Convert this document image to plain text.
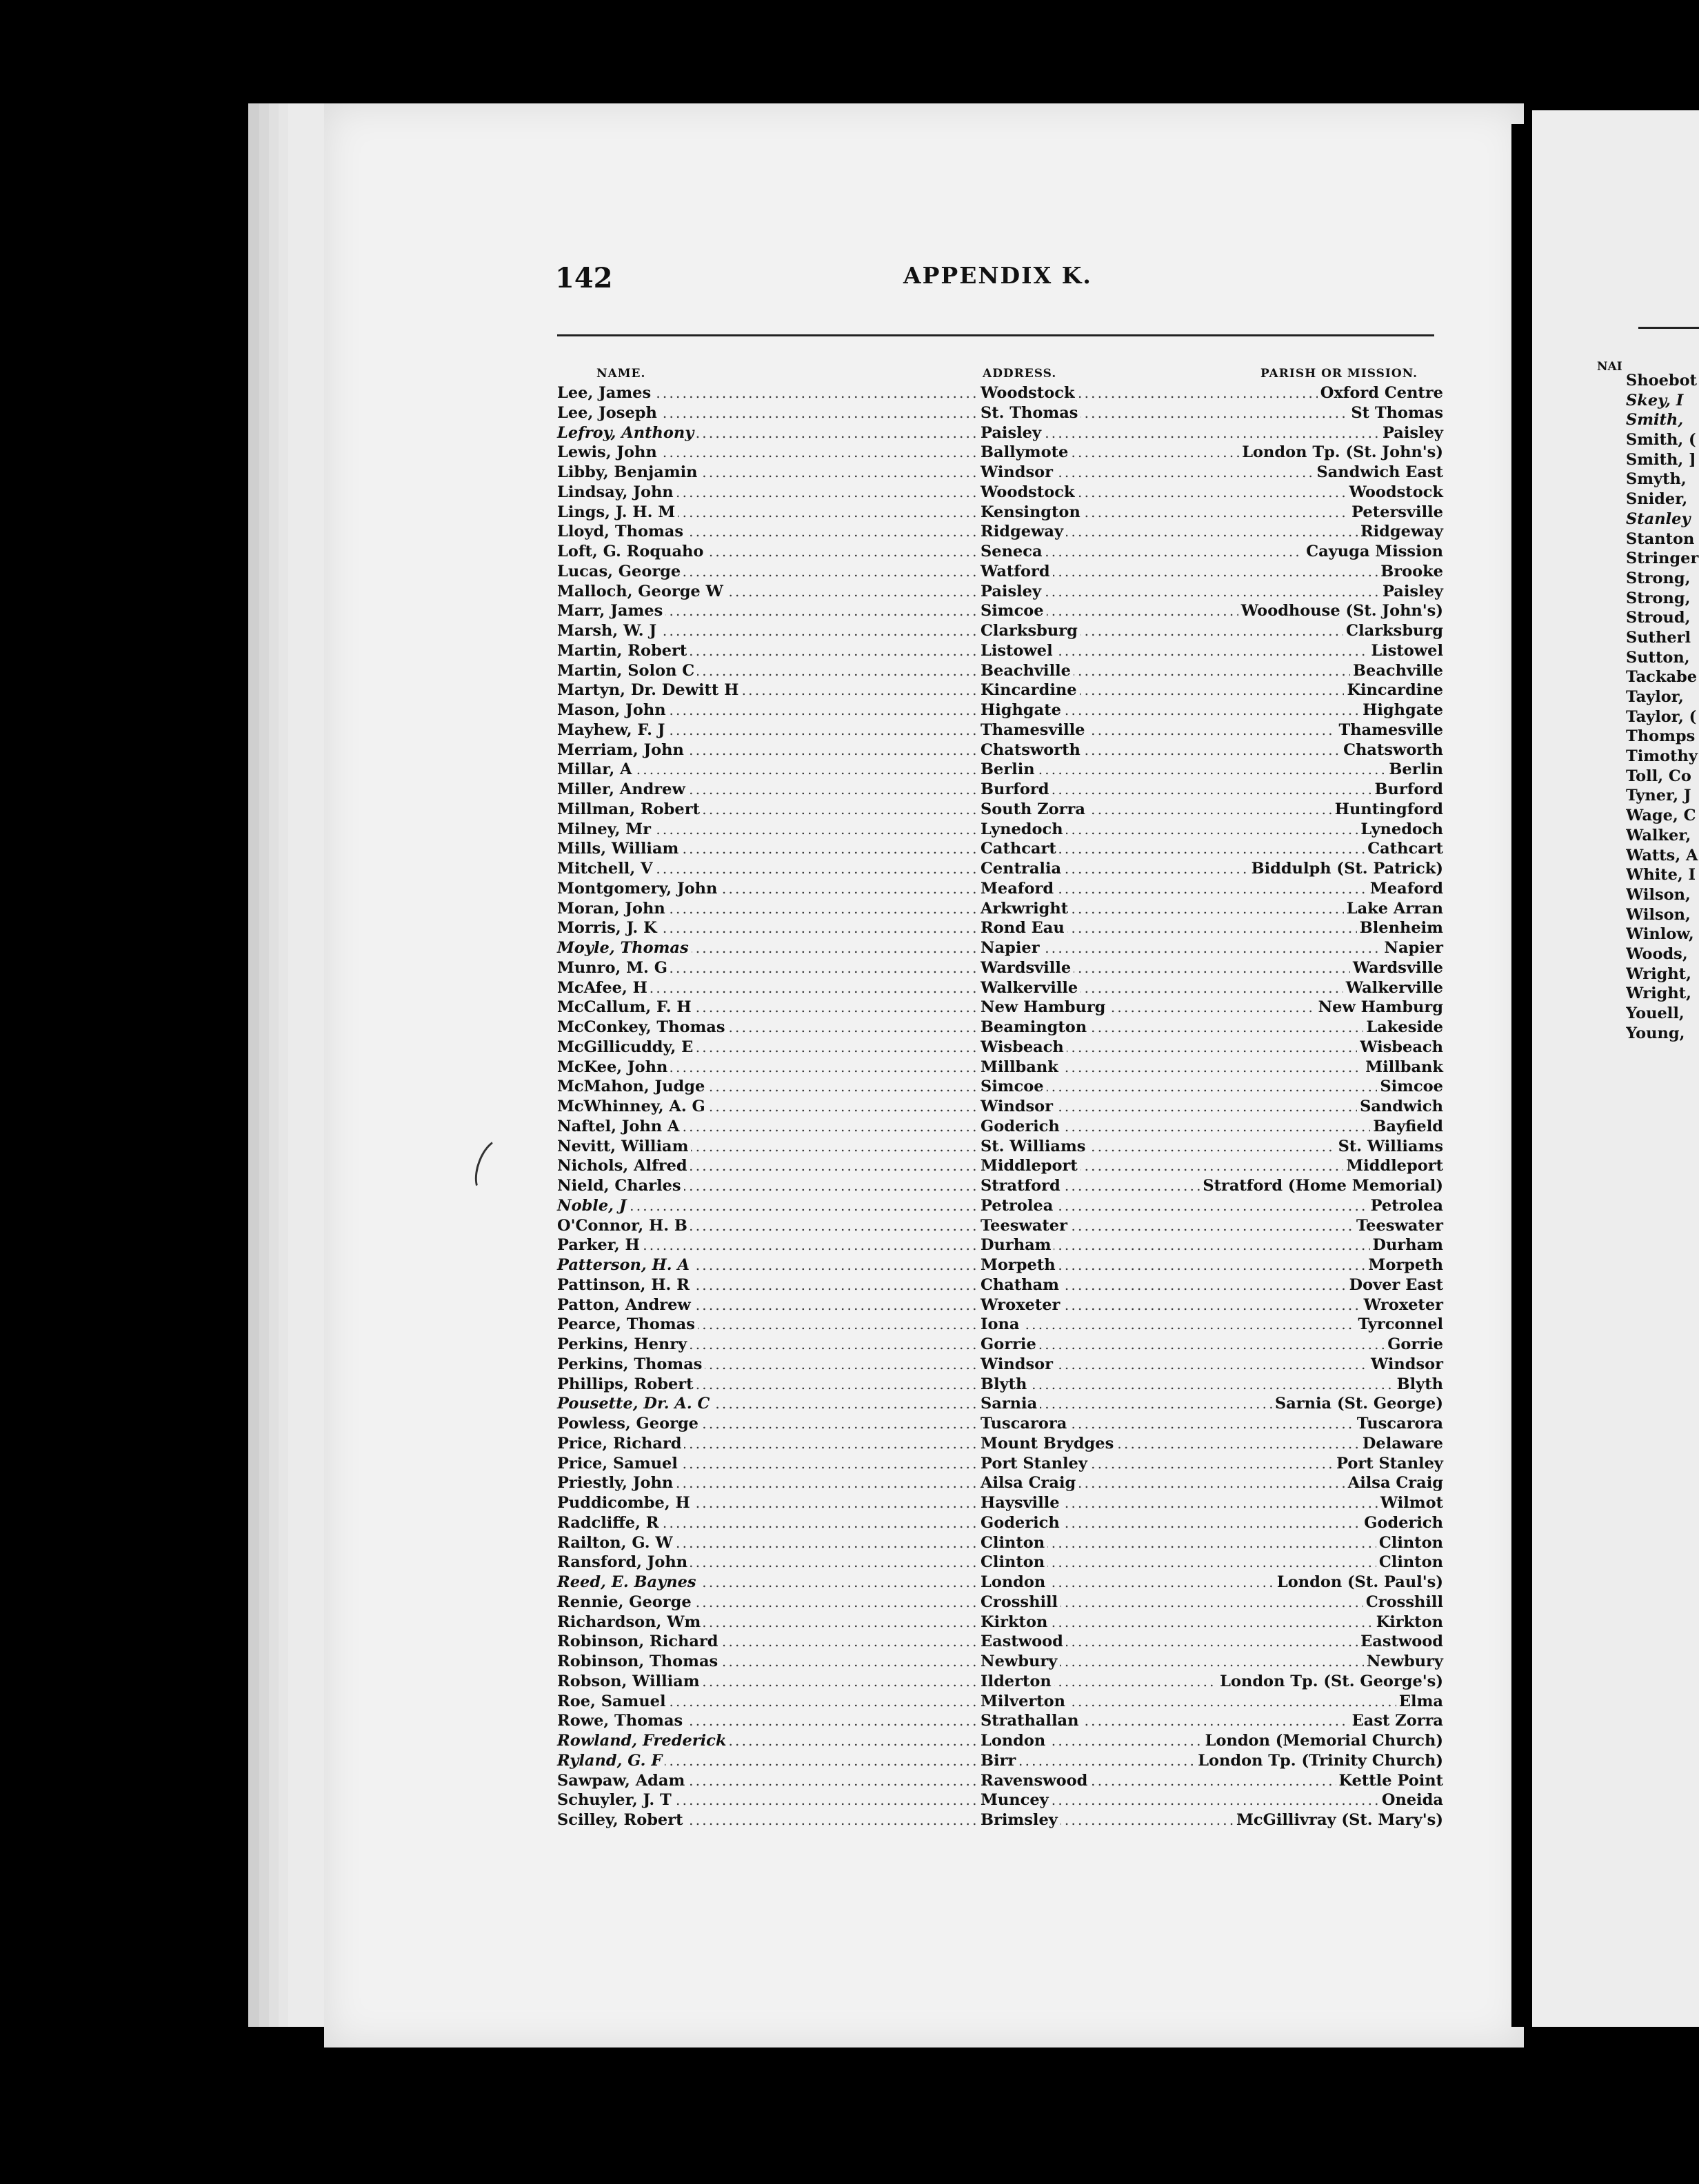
142	APPENDIX K.
NAME.	ADDRESS.	PARISH OR MISSION.
Lee, James	Woodstock	Oxford Centre
Lee, Joseph	St. Thomas	St Thomas
Lefroy, Anthony	Paisley	Paisley
Lewis, John	Ballymote	London Tp. (St. John's)
Libby, Benjamin	Windsor	Sandwich East
Lindsay, John	Woodstock	Woodstock
Lings, J. H. M	Kensington	Petersville
Lloyd, Thomas	Ridgeway	Ridgeway
Loft, G. Roquaho	Seneca	Cayuga Mission
Lucas, George	Watford	Brooke
Malloch, George W	Paisley	Paisley
Marr, James	Simcoe	Woodhouse (St. John's)
Marsh, W. J	Clarksburg	Clarksburg
Martin, Robert	Listowel	Listowel
Martin, Solon C	Beachville	Beachville
Martyn, Dr. Dewitt H	Kincardine	Kincardine
Mason, John	Highgate	Highgate
Mayhew, F. J	Thamesville	Thamesville
Merriam, John	Chatsworth	Chatsworth
Millar, A	Berlin	Berlin
Miller, Andrew	Burford	Burford
Millman, Robert	South Zorra	Huntingford
Milney, Mr	Lynedoch	Lynedoch
Mills, William	Cathcart	Cathcart
Mitchell, V	Centralia	Biddulph (St. Patrick)
Montgomery, John	Meaford	Meaford
Moran, John	Arkwright	Lake Arran
Morris, J. K	Rond Eau	Blenheim
Moyle, Thomas	Napier	Napier
Munro, M. G	Wardsville	Wardsville
McAfee, H	Walkerville	Walkerville
McCallum, F. H	New Hamburg	New Hamburg
McConkey, Thomas	Beamington	Lakeside
McGillicuddy, E	Wisbeach	Wisbeach
McKee, John	Millbank	Millbank
McMahon, Judge	Simcoe	Simcoe
McWhinney, A. G	Windsor	Sandwich
Naftel, John A	Goderich	Bayfield
Nevitt, William	St. Williams	St. Williams
Nichols, Alfred	Middleport	Middleport
Nield, Charles	Stratford	Stratford (Home Memorial)
Noble, J	Petrolea	Petrolea
O'Connor, H. B	Teeswater	Teeswater
Parker, H	Durham	Durham
Patterson, H. A	Morpeth	Morpeth
Pattinson, H. R	Chatham	Dover East
Patton, Andrew	Wroxeter	Wroxeter
Pearce, Thomas	Iona	Tyrconnel
Perkins, Henry	Gorrie	Gorrie
Perkins, Thomas	Windsor	Windsor
Phillips, Robert	Blyth	Blyth
Pousette, Dr. A. C	Sarnia	Sarnia (St. George)
Powless, George	Tuscarora	Tuscarora
Price, Richard	Mount Brydges	Delaware
Price, Samuel	Port Stanley	Port Stanley
Priestly, John	Ailsa Craig	Ailsa Craig
Puddicombe, H	Haysville	Wilmot
Radcliffe, R	Goderich	Goderich
Railton, G. W	Clinton	Clinton
Ransford, John	Clinton	Clinton
Reed, E. Baynes	London	London (St. Paul's)
Rennie, George	Crosshill	Crosshill
Richardson, Wm	Kirkton	Kirkton
Robinson, Richard	Eastwood	Eastwood
Robinson, Thomas	Newbury	Newbury
Robson, William	Ilderton	London Tp. (St. George's)
Roe, Samuel	Milverton	Elma
Rowe, Thomas	Strathallan	East Zorra
Rowland, Frederick	London	London (Memorial Church)
Ryland, G. F	Birr	London Tp. (Trinity Church)
Sawpaw, Adam	Ravenswood	Kettle Point
Schuyler, J. T	Muncey	Oneida
Scilley, Robert	Brimsley	McGillivray (St. Mary's)
NAI
Shoebot
Skey, I
Smith,
Smith, (
Smith, ]
Smyth,
Snider,
Stanley
Stanton
Stringer
Strong,
Strong,
Stroud,
Sutherl
Sutton,
Tackabe
Taylor,
Taylor, (
Thomps
Timothy
Toll, Co
Tyner, J
Wage, C
Walker,
Watts, A
White, I
Wilson,
Wilson,
Winlow,
Woods,
Wright,
Wright,
Youell,
Young,
